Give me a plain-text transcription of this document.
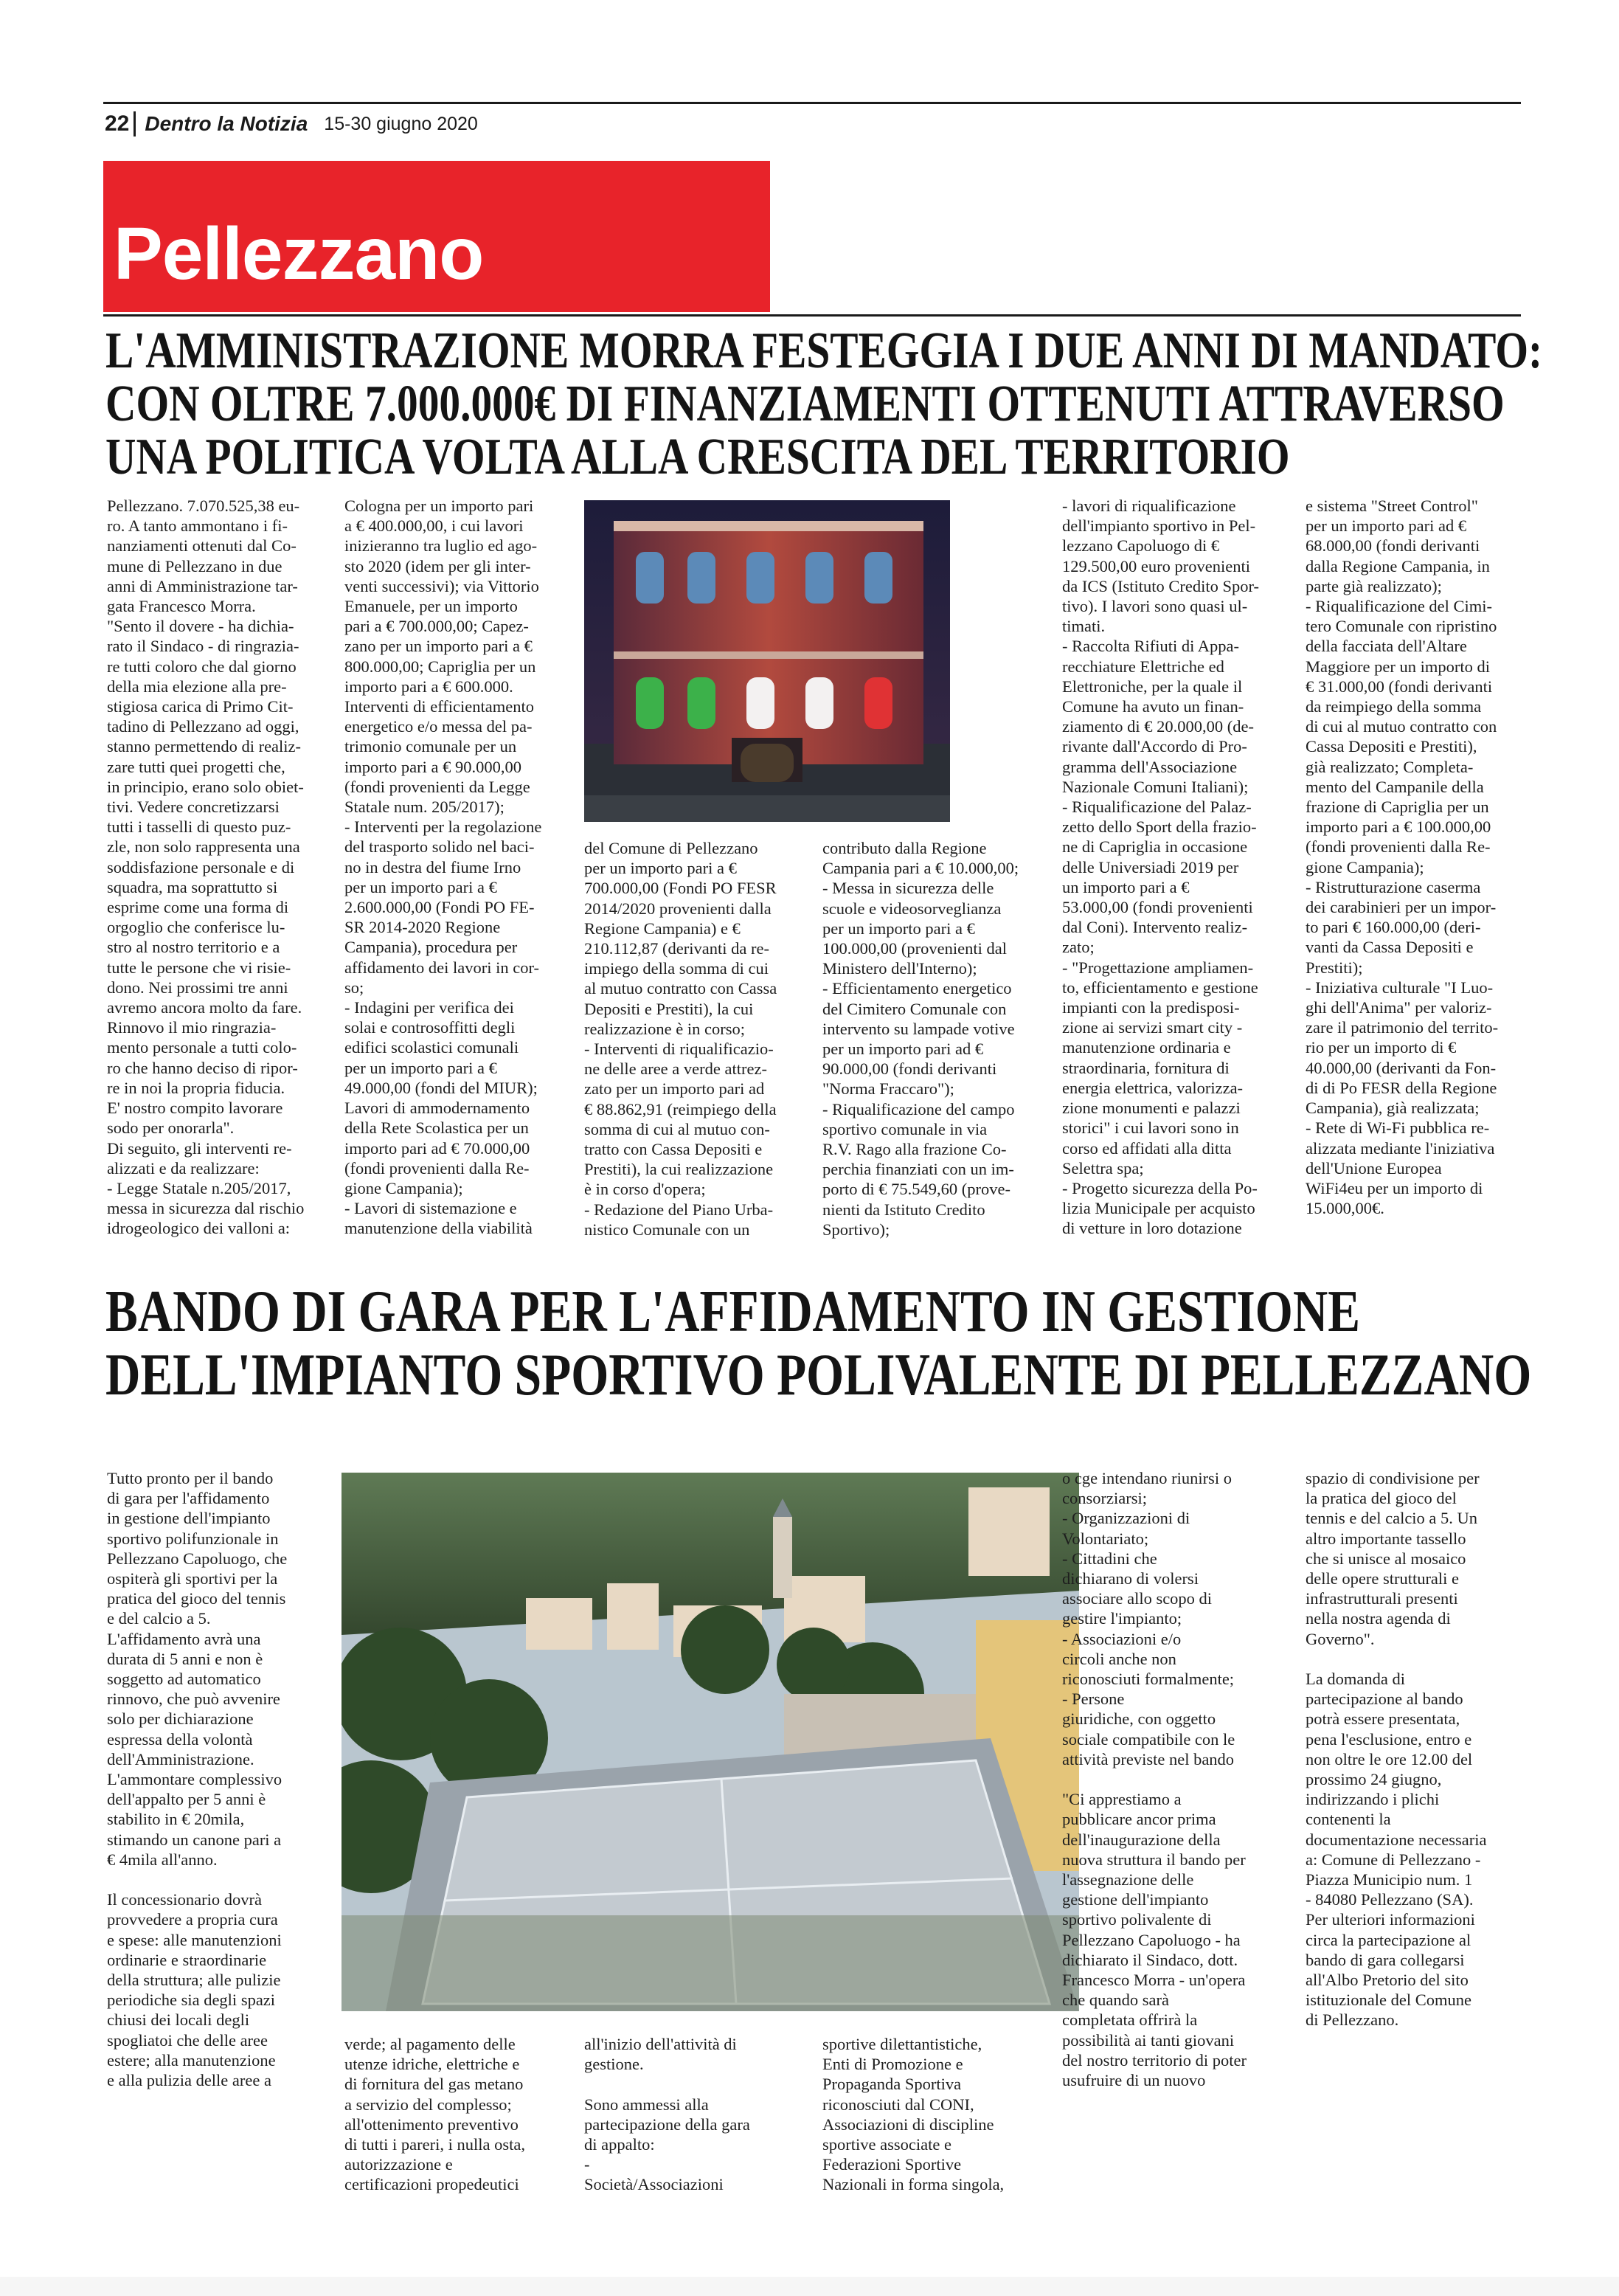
22 Dentro la Notizia 15-30 giugno 2020
Pellezzano
L'AMMINISTRAZIONE MORRA FESTEGGIA I DUE ANNI DI MANDATO:
CON OLTRE 7.000.000€ DI FINANZIAMENTI OTTENUTI ATTRAVERSO
UNA POLITICA VOLTA ALLA CRESCITA DEL TERRITORIO
Pellezzano. 7.070.525,38 eu-
ro. A tanto ammontano i fi-
nanziamenti ottenuti dal Co-
mune di Pellezzano in due
anni di Amministrazione tar-
gata Francesco Morra.
"Sento il dovere - ha dichia-
rato il Sindaco - di ringrazia-
re tutti coloro che dal giorno
della mia elezione alla pre-
stigiosa carica di Primo Cit-
tadino di Pellezzano ad oggi,
stanno permettendo di realiz-
zare tutti quei progetti che,
in principio, erano solo obiet-
tivi. Vedere concretizzarsi
tutti i tasselli di questo puz-
zle, non solo rappresenta una
soddisfazione personale e di
squadra, ma soprattutto si
esprime come una forma di
orgoglio che conferisce lu-
stro al nostro territorio e a
tutte le persone che vi risie-
dono. Nei prossimi tre anni
avremo ancora molto da fare.
Rinnovo il mio ringrazia-
mento personale a tutti colo-
ro che hanno deciso di ripor-
re in noi la propria fiducia.
E' nostro compito lavorare
sodo per onorarla".
Di seguito, gli interventi re-
alizzati e da realizzare:
- Legge Statale n.205/2017,
messa in sicurezza dal rischio
idrogeologico dei valloni a:
Cologna per un importo pari
a € 400.000,00, i cui lavori
inizieranno tra luglio ed ago-
sto 2020 (idem per gli inter-
venti successivi); via Vittorio
Emanuele, per un importo
pari a € 700.000,00; Capez-
zano per un importo pari a €
800.000,00; Capriglia per un
importo pari a € 600.000.
Interventi di efficientamento
energetico e/o messa del pa-
trimonio comunale per un
importo pari a € 90.000,00
(fondi provenienti da Legge
Statale num. 205/2017);
- Interventi per la regolazione
del trasporto solido nel baci-
no in destra del fiume Irno
per un importo pari a €
2.600.000,00 (Fondi PO FE-
SR 2014-2020 Regione
Campania), procedura per
affidamento dei lavori in cor-
so;
- Indagini per verifica dei
solai e controsoffitti degli
edifici scolastici comunali
per un importo pari a €
49.000,00 (fondi del MIUR);
Lavori di ammodernamento
della Rete Scolastica per un
importo pari ad € 70.000,00
(fondi provenienti dalla Re-
gione Campania);
- Lavori di sistemazione e
manutenzione della viabilità
del Comune di Pellezzano
per un importo pari a €
700.000,00 (Fondi PO FESR
2014/2020 provenienti dalla
Regione Campania) e €
210.112,87 (derivanti da re-
impiego della somma di cui
al mutuo contratto con Cassa
Depositi e Prestiti), la cui
realizzazione è in corso;
- Interventi di riqualificazio-
ne delle aree a verde attrez-
zato per un importo pari ad
€ 88.862,91 (reimpiego della
somma di cui al mutuo con-
tratto con Cassa Depositi e
Prestiti), la cui realizzazione
è in corso d'opera;
- Redazione del Piano Urba-
nistico Comunale con un
contributo dalla Regione
Campania pari a € 10.000,00;
- Messa in sicurezza delle
scuole e videosorveglianza
per un importo pari a €
100.000,00 (provenienti dal
Ministero dell'Interno);
- Efficientamento energetico
del Cimitero Comunale con
intervento su lampade votive
per un importo pari ad €
90.000,00 (fondi derivanti
"Norma Fraccaro");
- Riqualificazione del campo
sportivo comunale in via
R.V. Rago alla frazione Co-
perchia finanziati con un im-
porto di € 75.549,60 (prove-
nienti da Istituto Credito
Sportivo);
- lavori di riqualificazione
dell'impianto sportivo in Pel-
lezzano Capoluogo di €
129.500,00 euro provenienti
da ICS (Istituto Credito Spor-
tivo). I lavori sono quasi ul-
timati.
- Raccolta Rifiuti di Appa-
recchiature Elettriche ed
Elettroniche, per la quale il
Comune ha avuto un finan-
ziamento di € 20.000,00 (de-
rivante dall'Accordo di Pro-
gramma dell'Associazione
Nazionale Comuni Italiani);
- Riqualificazione del Palaz-
zetto dello Sport della frazio-
ne di Capriglia in occasione
delle Universiadi 2019 per
un importo pari a €
53.000,00 (fondi provenienti
dal Coni). Intervento realiz-
zato;
- "Progettazione ampliamen-
to, efficientamento e gestione
impianti con la predisposi-
zione ai servizi smart city -
manutenzione ordinaria e
straordinaria, fornitura di
energia elettrica, valorizza-
zione monumenti e palazzi
storici" i cui lavori sono in
corso ed affidati alla ditta
Selettra spa;
- Progetto sicurezza della Po-
lizia Municipale per acquisto
di vetture in loro dotazione
e sistema "Street Control"
per un importo pari ad €
68.000,00 (fondi derivanti
dalla Regione Campania, in
parte già realizzato);
- Riqualificazione del Cimi-
tero Comunale con ripristino
della facciata dell'Altare
Maggiore per un importo di
€ 31.000,00 (fondi derivanti
da reimpiego della somma
di cui al mutuo contratto con
Cassa Depositi e Prestiti),
già realizzato; Completa-
mento del Campanile della
frazione di Capriglia per un
importo pari a € 100.000,00
(fondi provenienti dalla Re-
gione Campania);
- Ristrutturazione caserma
dei carabinieri per un impor-
to pari € 160.000,00 (deri-
vanti da Cassa Depositi e
Prestiti);
- Iniziativa culturale "I Luo-
ghi dell'Anima" per valoriz-
zare il patrimonio del territo-
rio per un importo di €
40.000,00 (derivanti da Fon-
di di Po FESR della Regione
Campania), già realizzata;
- Rete di Wi-Fi pubblica re-
alizzata mediante l'iniziativa
dell'Unione Europea
WiFi4eu per un importo di
15.000,00€.
BANDO DI GARA PER L'AFFIDAMENTO IN GESTIONE
DELL'IMPIANTO SPORTIVO POLIVALENTE DI PELLEZZANO
Tutto pronto per il bando
di gara per l'affidamento
in gestione dell'impianto
sportivo polifunzionale in
Pellezzano Capoluogo, che
ospiterà gli sportivi per la
pratica del gioco del tennis
e del calcio a 5.
L'affidamento avrà una
durata di 5 anni e non è
soggetto ad automatico
rinnovo, che può avvenire
solo per dichiarazione
espressa della volontà
dell'Amministrazione.
L'ammontare complessivo
dell'appalto per 5 anni è
stabilito in € 20mila,
stimando un canone pari a
€ 4mila all'anno.

Il concessionario dovrà
provvedere a propria cura
e spese: alle manutenzioni
ordinarie e straordinarie
della struttura; alle pulizie
periodiche sia degli spazi
chiusi dei locali degli
spogliatoi che delle aree
estere; alla manutenzione
e alla pulizia delle aree a
verde; al pagamento delle
utenze idriche, elettriche e
di fornitura del gas metano
a servizio del complesso;
all'ottenimento preventivo
di tutti i pareri, i nulla osta,
autorizzazione e
certificazioni propedeutici
all'inizio dell'attività di
gestione.

Sono ammessi alla
partecipazione della gara
di appalto:
-
Società/Associazioni
sportive dilettantistiche,
Enti di Promozione e
Propaganda Sportiva
riconosciuti dal CONI,
Associazioni di discipline
sportive associate e
Federazioni Sportive
Nazionali in forma singola,
o cge intendano riunirsi o
consorziarsi;
- Organizzazioni di
Volontariato;
- Cittadini che
dichiarano di volersi
associare allo scopo di
gestire l'impianto;
- Associazioni e/o
circoli anche non
riconosciuti formalmente;
- Persone
giuridiche, con oggetto
sociale compatibile con le
attività previste nel bando

"Ci apprestiamo a
pubblicare ancor prima
dell'inaugurazione della
nuova struttura il bando per
l'assegnazione delle
gestione dell'impianto
sportivo polivalente di
Pellezzano Capoluogo - ha
dichiarato il Sindaco, dott.
Francesco Morra - un'opera
che quando sarà
completata offrirà la
possibilità ai tanti giovani
del nostro territorio di poter
usufruire di un nuovo
spazio di condivisione per
la pratica del gioco del
tennis e del calcio a 5. Un
altro importante tassello
che si unisce al mosaico
delle opere strutturali e
infrastrutturali presenti
nella nostra agenda di
Governo".

La domanda di
partecipazione al bando
potrà essere presentata,
pena l'esclusione, entro e
non oltre le ore 12.00 del
prossimo 24 giugno,
indirizzando i plichi
contenenti la
documentazione necessaria
a: Comune di Pellezzano -
Piazza Municipio num. 1
- 84080 Pellezzano (SA).
Per ulteriori informazioni
circa la partecipazione al
bando di gara collegarsi
all'Albo Pretorio del sito
istituzionale del Comune
di Pellezzano.
